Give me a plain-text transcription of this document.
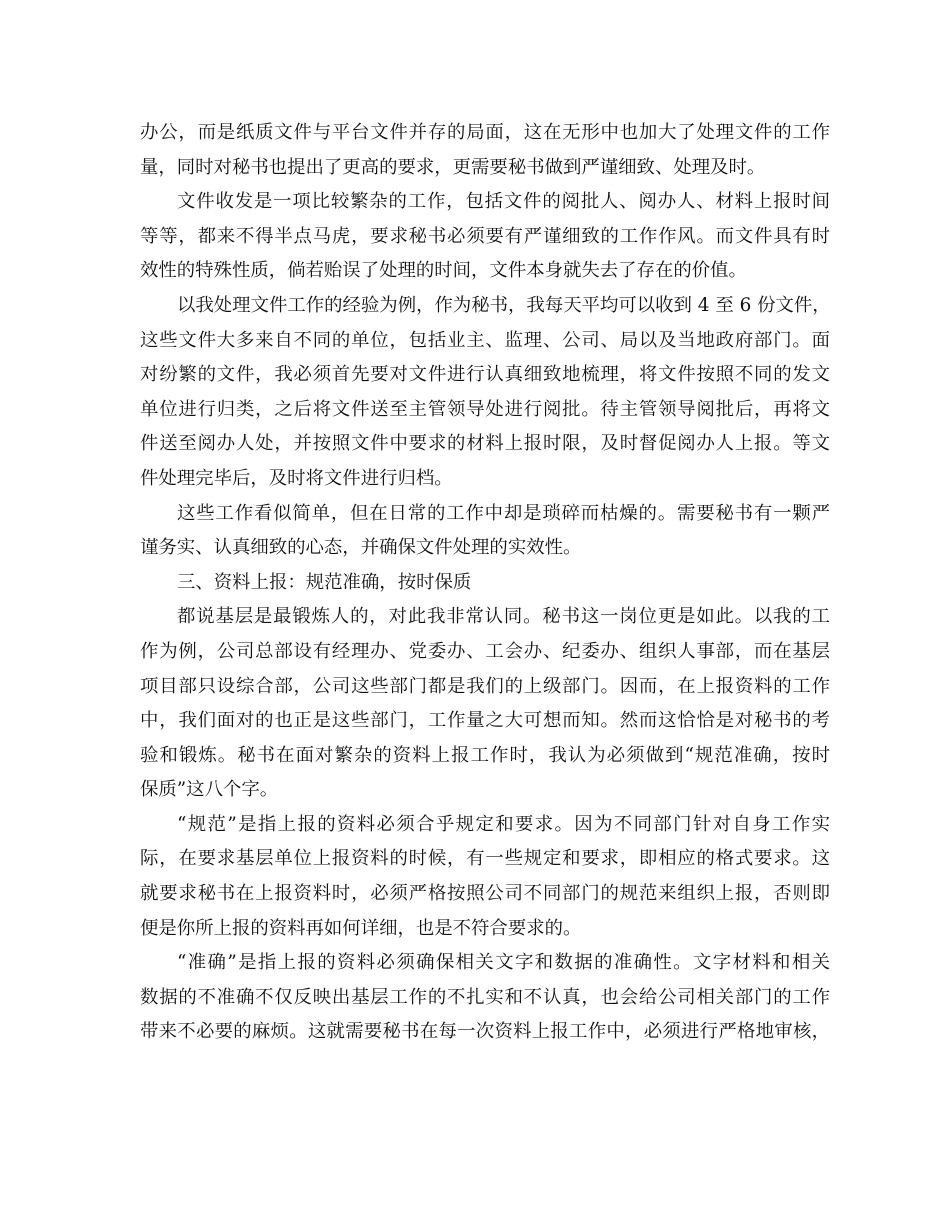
办公，而是纸质文件与平台文件并存的局面，这在无形中也加大了处理文件的工作
量，同时对秘书也提出了更高的要求，更需要秘书做到严谨细致、处理及时。
文件收发是一项比较繁杂的工作，包括文件的阅批人、阅办人、材料上报时间
等等，都来不得半点马虎，要求秘书必须要有严谨细致的工作作风。而文件具有时
效性的特殊性质，倘若贻误了处理的时间，文件本身就失去了存在的价值。
以我处理文件工作的经验为例，作为秘书，我每天平均可以收到 4 至 6 份文件，
这些文件大多来自不同的单位，包括业主、监理、公司、局以及当地政府部门。面
对纷繁的文件，我必须首先要对文件进行认真细致地梳理，将文件按照不同的发文
单位进行归类，之后将文件送至主管领导处进行阅批。待主管领导阅批后，再将文
件送至阅办人处，并按照文件中要求的材料上报时限，及时督促阅办人上报。等文
件处理完毕后，及时将文件进行归档。
这些工作看似简单，但在日常的工作中却是琐碎而枯燥的。需要秘书有一颗严
谨务实、认真细致的心态，并确保文件处理的实效性。
三、资料上报：规范准确，按时保质
都说基层是最锻炼人的，对此我非常认同。秘书这一岗位更是如此。以我的工
作为例，公司总部设有经理办、党委办、工会办、纪委办、组织人事部，而在基层
项目部只设综合部，公司这些部门都是我们的上级部门。因而，在上报资料的工作
中，我们面对的也正是这些部门，工作量之大可想而知。然而这恰恰是对秘书的考
验和锻炼。秘书在面对繁杂的资料上报工作时，我认为必须做到“规范准确，按时
保质”这八个字。
“规范”是指上报的资料必须合乎规定和要求。因为不同部门针对自身工作实
际，在要求基层单位上报资料的时候，有一些规定和要求，即相应的格式要求。这
就要求秘书在上报资料时，必须严格按照公司不同部门的规范来组织上报，否则即
便是你所上报的资料再如何详细，也是不符合要求的。
“准确”是指上报的资料必须确保相关文字和数据的准确性。文字材料和相关
数据的不准确不仅反映出基层工作的不扎实和不认真，也会给公司相关部门的工作
带来不必要的麻烦。这就需要秘书在每一次资料上报工作中，必须进行严格地审核，
